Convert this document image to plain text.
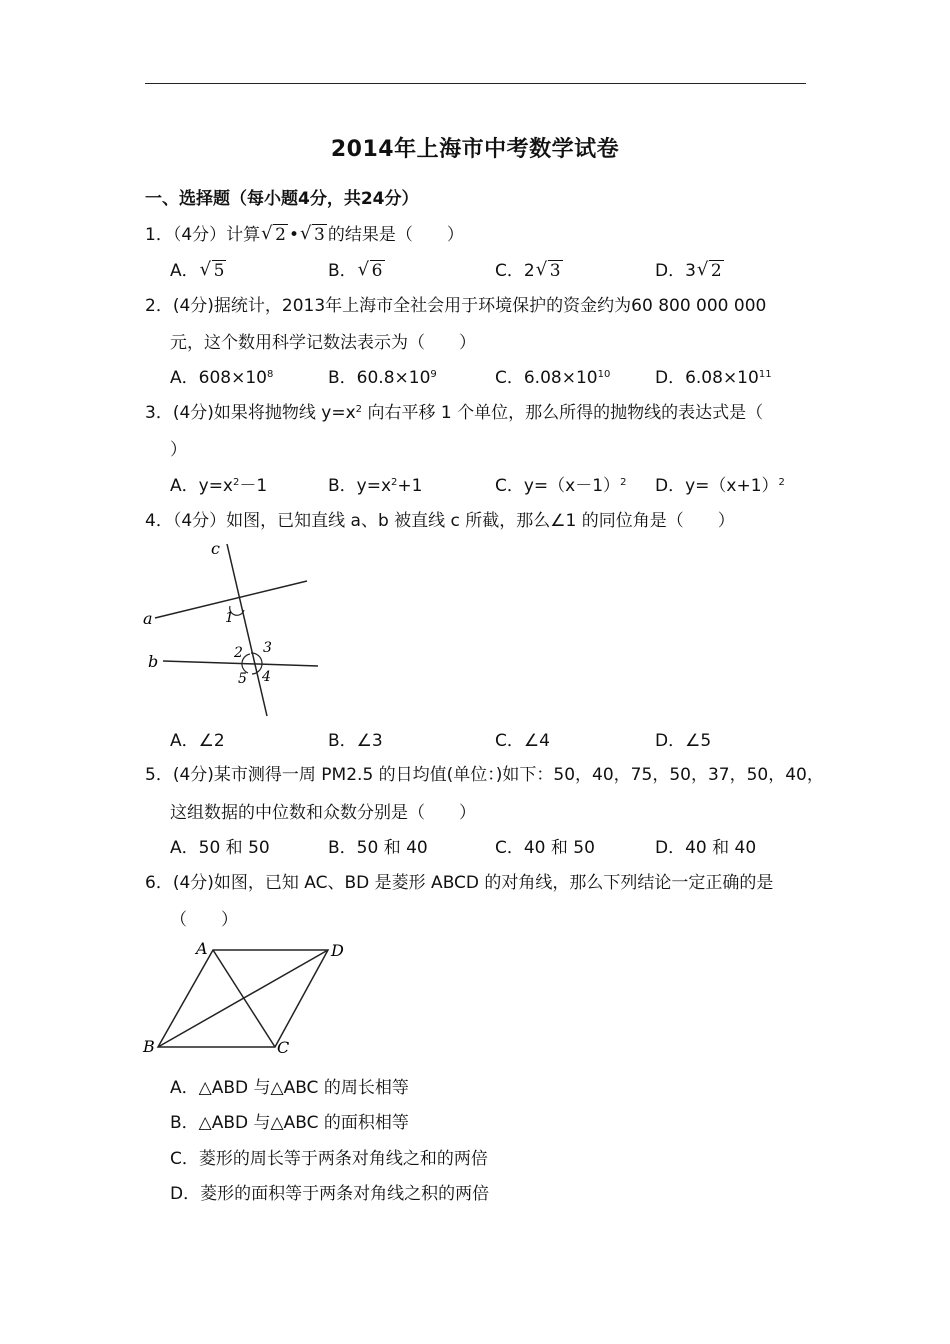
2014年上海市中考数学试卷
一、选择题（每小题4分，共24分）
1．（4分）计算 √ 2 • √ 3 的结果是（　　）
A． √ 5	B． √ 6	C．2 √ 3	D．3 √ 2
2．(4分)据统计，2013年上海市全社会用于环境保护的资金约为60 800 000 000
元，这个数用科学记数法表示为（　　）
A．$608\times 10^8$	B．$60.8\times 10^9$	C．$6.08\times 10^{10}$	D．$6.08\times 10^{11}$
3．(4分)如果将抛物线 $y=x^2$ 向右平移 1 个单位，那么所得的抛物线的表达式是（
）
A．$y=x^2-1$	B．$y=x^2+1$	C．$y=(x-1)^2$ D．$y=(x+1)^2$
4．（4分）如图，已知直线 a、b 被直线 c 所截，那么∠1 的同位角是（　　）
c
a
b
1
2 3
4
5
A．∠2	B．∠3	C．∠4	D．∠5
5．(4分)某市测得一周 PM2.5 的日均值(单位：)如下：50，40，75，50，37，50，40，
这组数据的中位数和众数分别是（　　）
A．50 和 50	B．50 和 40	C．40 和 50	D．40 和 40
6．(4分)如图，已知 AC、BD 是菱形 ABCD 的对角线，那么下列结论一定正确的是
（　　）
A	D
B	C
A．△ABD 与△ABC 的周长相等
B．△ABD 与△ABC 的面积相等
C．菱形的周长等于两条对角线之和的两倍
D．菱形的面积等于两条对角线之积的两倍
